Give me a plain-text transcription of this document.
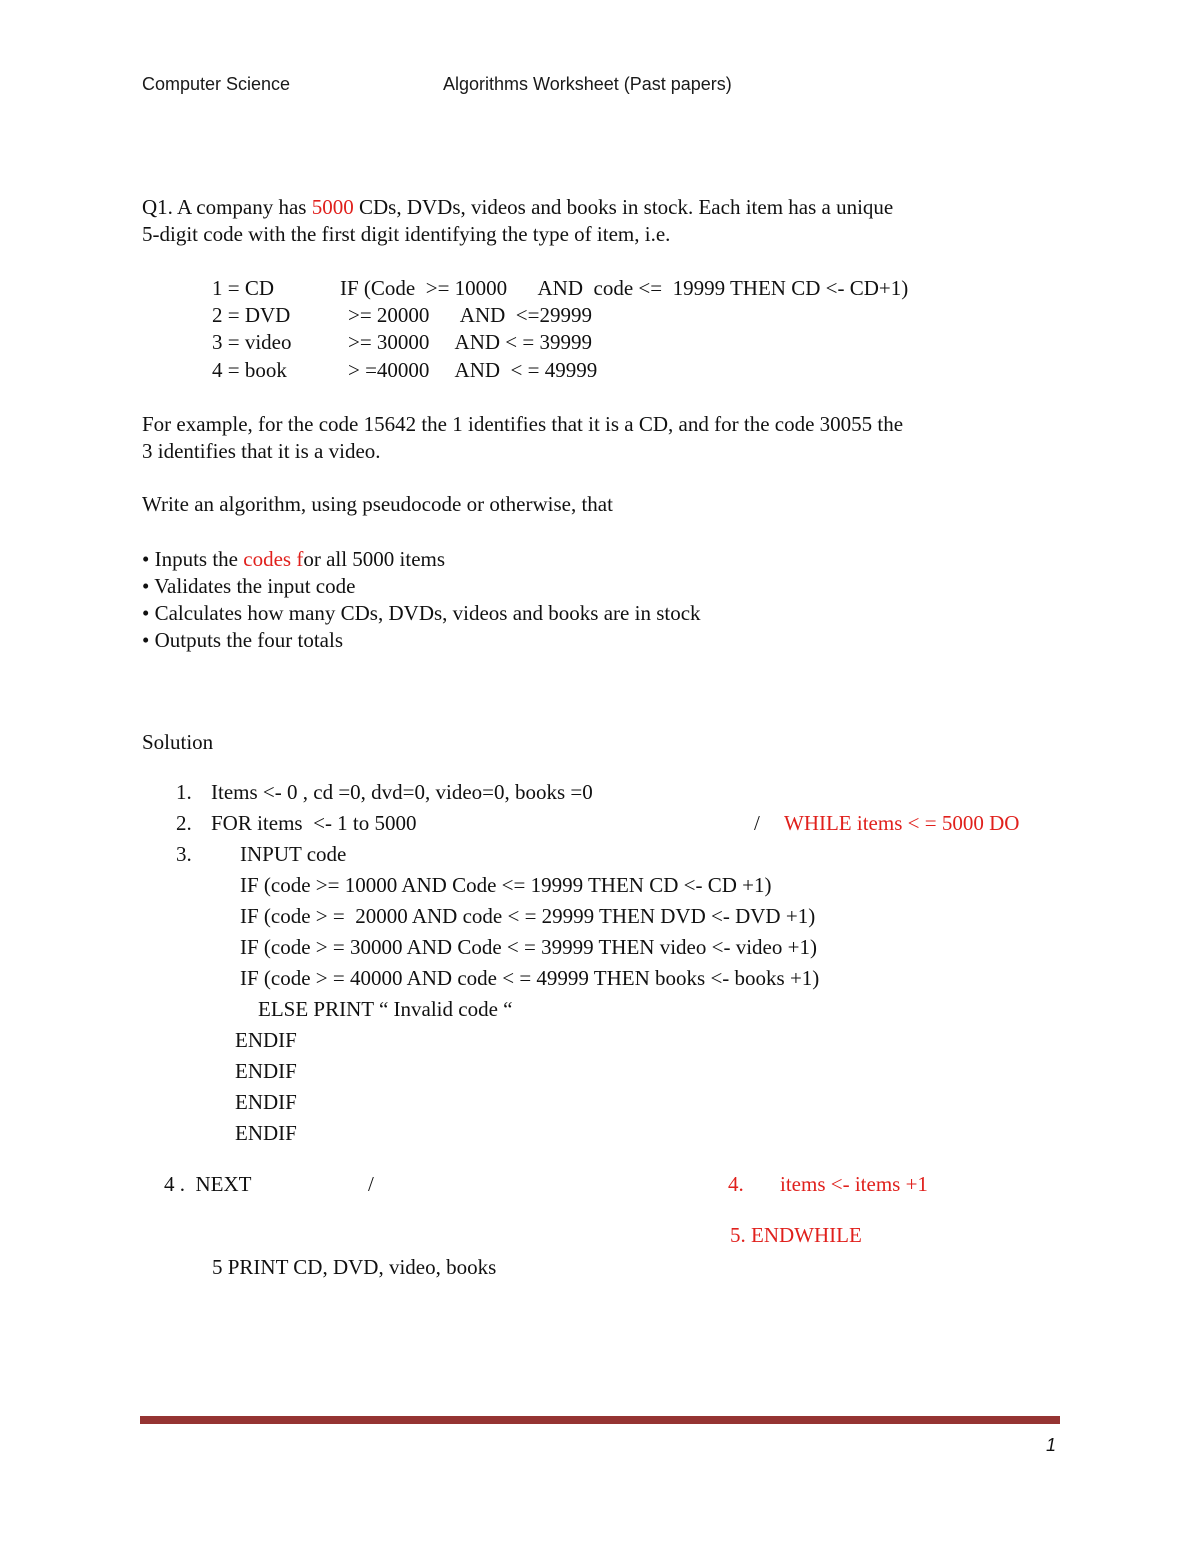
Computer Science	Algorithms Worksheet (Past papers)
Q1. A company has 5000 CDs, DVDs, videos and books in stock. Each item has a unique
5-digit code with the first digit identifying the type of item, i.e.
1 = CD	IF (Code  >= 10000      AND  code <=  19999 THEN CD <- CD+1)
2 = DVD	>= 20000      AND  <=29999
3 = video	>= 30000     AND < = 39999
4 = book	> =40000     AND  < = 49999
For example, for the code 15642 the 1 identifies that it is a CD, and for the code 30055 the
3 identifies that it is a video.
Write an algorithm, using pseudocode or otherwise, that
• Inputs the codes for all 5000 items
• Validates the input code
• Calculates how many CDs, DVDs, videos and books are in stock
• Outputs the four totals
Solution
1. Items <- 0 , cd =0, dvd=0, video=0, books =0
2. FOR items  <- 1 to 5000	/ WHILE items < = 5000 DO
3. INPUT code
IF (code >= 10000 AND Code <= 19999 THEN CD <- CD +1)
IF (code > =  20000 AND code < = 29999 THEN DVD <- DVD +1)
IF (code > = 30000 AND Code < = 39999 THEN video <- video +1)
IF (code > = 40000 AND code < = 49999 THEN books <- books +1)
ELSE PRINT “ Invalid code “
ENDIF
ENDIF
ENDIF
ENDIF
4 .  NEXT	/	4. items <- items +1
5. ENDWHILE
5 PRINT CD, DVD, video, books
1
